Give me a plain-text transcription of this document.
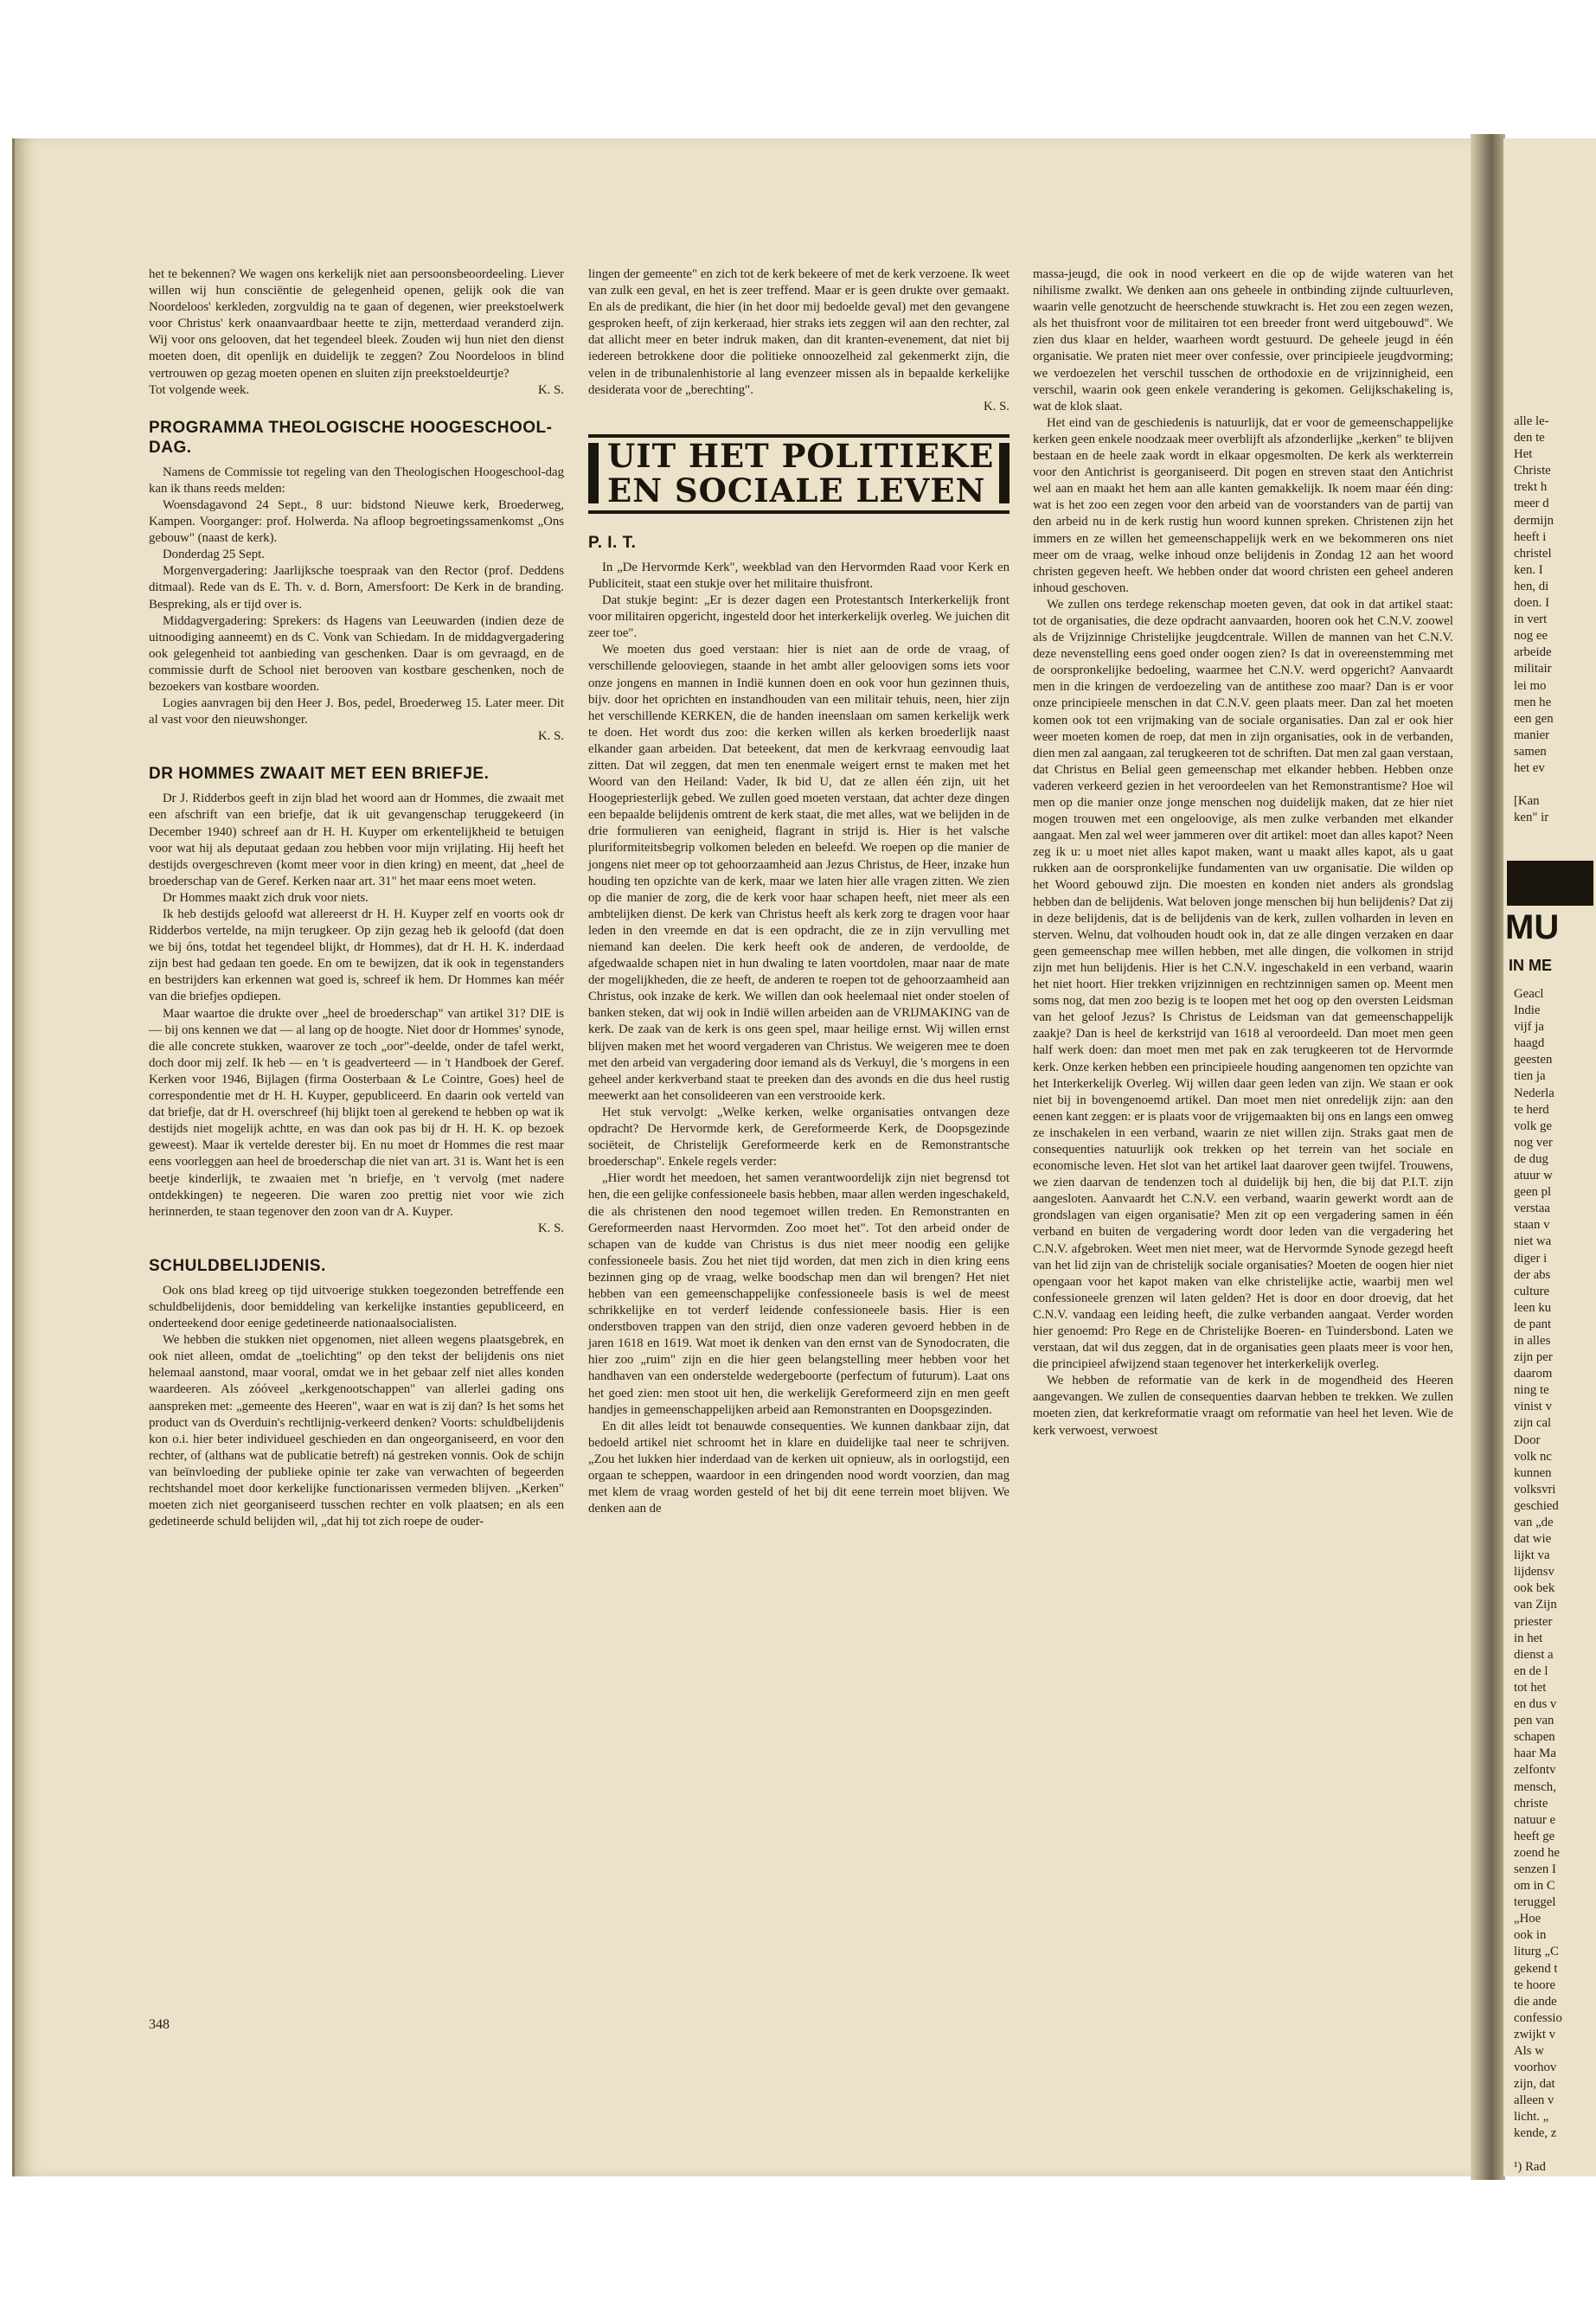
alle le-
den te
Het
Christe
trekt h
meer d
dermijn
heeft i
christel
ken. I
hen, di
doen. I
in vert
nog ee
arbeide
militair
lei mo
men he
een gen
manier
samen
het ev

[Kan
ken" ir
MU
IN ME
Geacl
Indie
vijf ja
haagd
geesten
tien ja
Nederla
te herd
volk ge
nog ver
de dug
atuur w
geen pl
verstaa
staan v
niet wa
diger i
der abs
culture
leen ku
de pant
in alles
zijn per
daarom
ning te
vinist v
zijn cal
Door
volk nc
kunnen
volksvri
geschied
van „de
dat wie
lijkt va
lijdensv
ook bek
van Zijn
priester
in het
dienst a
en de l
tot het
en dus v
pen van
schapen
haar Ma
zelfontv
mensch,
christe
natuur e
heeft ge
zoend he
senzen I
om in C
teruggel
„Hoe
ook in
liturg „C
gekend t
te hoore
die ande
confessio
zwijkt v
Als w
voorhov
zijn, dat
alleen v
licht. „
kende, z

¹) Rad

het te bekennen? We wagen ons kerkelijk niet aan persoonsbeoordeeling. Liever willen wij hun consciëntie de gelegenheid openen, gelijk ook die van Noordeloos' kerkleden, zorgvuldig na te gaan of degenen, wier preekstoelwerk voor Christus' kerk onaanvaardbaar heette te zijn, metterdaad veranderd zijn. Wij voor ons gelooven, dat het tegendeel bleek. Zouden wij hun niet den dienst moeten doen, dit openlijk en duidelijk te zeggen? Zou Noordeloos in blind vertrouwen op gezag moeten openen en sluiten zijn preekstoeldeurtje?

Tot volgende week.	K. S.
PROGRAMMA THEOLOGISCHE HOOGESCHOOL-DAG.

Namens de Commissie tot regeling van den Theologischen Hoogeschool-dag kan ik thans reeds melden:

Woensdagavond 24 Sept., 8 uur: bidstond Nieuwe kerk, Broederweg, Kampen. Voorganger: prof. Holwerda. Na afloop begroetingssamenkomst „Ons gebouw" (naast de kerk).

Donderdag 25 Sept.

Morgenvergadering: Jaarlijksche toespraak van den Rector (prof. Deddens ditmaal). Rede van ds E. Th. v. d. Born, Amersfoort: De Kerk in de branding. Bespreking, als er tijd over is.

Middagvergadering: Sprekers: ds Hagens van Leeuwarden (indien deze de uitnoodiging aanneemt) en ds C. Vonk van Schiedam. In de middagvergadering ook gelegenheid tot aanbieding van geschenken. Daar is om gevraagd, en de commissie durft de School niet berooven van kostbare geschenken, noch de bezoekers van kostbare woorden.

Logies aanvragen bij den Heer J. Bos, pedel, Broederweg 15. Later meer. Dit al vast voor den nieuwshonger.

K. S.
DR HOMMES ZWAAIT MET EEN BRIEFJE.

Dr J. Ridderbos geeft in zijn blad het woord aan dr Hommes, die zwaait met een afschrift van een briefje, dat ik uit gevangenschap teruggekeerd (in December 1940) schreef aan dr H. H. Kuyper om erkentelijkheid te betuigen voor wat hij als deputaat gedaan zou hebben voor mijn vrijlating. Hij heeft het destijds overgeschreven (komt meer voor in dien kring) en meent, dat „heel de broederschap van de Geref. Kerken naar art. 31" het maar eens moet weten.

Dr Hommes maakt zich druk voor niets.

Ik heb destijds geloofd wat allereerst dr H. H. Kuyper zelf en voorts ook dr Ridderbos vertelde, na mijn terugkeer. Op zijn gezag heb ik geloofd (dat doen we bij óns, totdat het tegendeel blijkt, dr Hommes), dat dr H. H. K. inderdaad zijn best had gedaan ten goede. En om te bewijzen, dat ik ook in tegenstanders en bestrijders kan erkennen wat goed is, schreef ik hem. Dr Hommes kan méér van die briefjes opdiepen.

Maar waartoe die drukte over „heel de broederschap" van artikel 31? DIE is — bij ons kennen we dat — al lang op de hoogte. Niet door dr Hommes' synode, die alle concrete stukken, waarover ze toch „oor"-deelde, onder de tafel werkt, doch door mij zelf. Ik heb — en 't is geadverteerd — in 't Handboek der Geref. Kerken voor 1946, Bijlagen (firma Oosterbaan & Le Cointre, Goes) heel de correspondentie met dr H. H. Kuyper, gepubliceerd. En daarin ook verteld van dat briefje, dat dr H. overschreef (hij blijkt toen al gerekend te hebben op wat ik destijds niet mogelijk achtte, en was dan ook pas bij dr H. H. K. op bezoek geweest). Maar ik vertelde derester bij. En nu moet dr Hommes die rest maar eens voorleggen aan heel de broederschap die niet van art. 31 is. Want het is een beetje kinderlijk, te zwaaien met 'n briefje, en 't vervolg (met nadere ontdekkingen) te negeeren. Die waren zoo prettig niet voor wie zich herinnerden, te staan tegenover den zoon van dr A. Kuyper.

K. S.
SCHULDBELIJDENIS.

Ook ons blad kreeg op tijd uitvoerige stukken toegezonden betreffende een schuldbelijdenis, door bemiddeling van kerkelijke instanties gepubliceerd, en onderteekend door eenige gedetineerde nationaalsocialisten.

We hebben die stukken niet opgenomen, niet alleen wegens plaatsgebrek, en ook niet alleen, omdat de „toelichting" op den tekst der belijdenis ons niet helemaal aanstond, maar vooral, omdat we in het gebaar zelf niet alles konden waardeeren. Als zóóveel „kerkgenootschappen" van allerlei gading ons aanspreken met: „gemeente des Heeren", waar en wat is zij dan? Is het soms het product van ds Overduin's rechtlijnig-verkeerd denken? Voorts: schuldbelijdenis kon o.i. hier beter individueel geschieden en dan ongeorganiseerd, en voor den rechter, of (althans wat de publicatie betreft) ná gestreken vonnis. Ook de schijn van beïnvloeding der publieke opinie ter zake van verwachten of begeerden rechtshandel moet door kerkelijke functionarissen vermeden blijven. „Kerken" moeten zich niet georganiseerd tusschen rechter en volk plaatsen; en als een gedetineerde schuld belijden wil, „dat hij tot zich roepe de ouder-

lingen der gemeente" en zich tot de kerk bekeere of met de kerk verzoene. Ik weet van zulk een geval, en het is zeer treffend. Maar er is geen drukte over gemaakt. En als de predikant, die hier (in het door mij bedoelde geval) met den gevangene gesproken heeft, of zijn kerkeraad, hier straks iets zeggen wil aan den rechter, zal dat allicht meer en beter indruk maken, dan dit kranten-evenement, dat niet bij iedereen betrokkene door die politieke onnoozelheid zal gekenmerkt zijn, die velen in de tribunalenhistorie al lang evenzeer missen als in bepaalde kerkelijke desiderata voor de „berechting".

K. S.
UIT HET POLITIEKE
EN SOCIALE LEVEN
P. I. T.

In „De Hervormde Kerk", weekblad van den Hervormden Raad voor Kerk en Publiciteit, staat een stukje over het militaire thuisfront.

Dat stukje begint: „Er is dezer dagen een Protestantsch Interkerkelijk front voor militairen opgericht, ingesteld door het interkerkelijk overleg. We juichen dit zeer toe".

We moeten dus goed verstaan: hier is niet aan de orde de vraag, of verschillende gelooviegen, staande in het ambt aller geloovigen soms iets voor onze jongens en mannen in Indië kunnen doen en ook voor hun gezinnen thuis, bijv. door het oprichten en instandhouden van een militair tehuis, neen, hier zijn het verschillende KERKEN, die de handen ineenslaan om samen kerkelijk werk te doen. Het wordt dus zoo: die kerken willen als kerken broederlijk naast elkander gaan arbeiden. Dat beteekent, dat men de kerkvraag eenvoudig laat zitten. Dat wil zeggen, dat men ten enenmale weigert ernst te maken met het Woord van den Heiland: Vader, Ik bid U, dat ze allen één zijn, uit het Hoogepriesterlijk gebed. We zullen goed moeten verstaan, dat achter deze dingen een bepaalde belijdenis omtrent de kerk staat, die met alles, wat we belijden in de drie formulieren van eenigheid, flagrant in strijd is. Hier is het valsche pluriformiteitsbegrip volkomen beleden en beleefd. We roepen op die manier de jongens niet meer op tot gehoorzaamheid aan Jezus Christus, de Heer, inzake hun houding ten opzichte van de kerk, maar we laten hier alle vragen zitten. We zien op die manier de zorg, die de kerk voor haar schapen heeft, niet meer als een ambtelijken dienst. De kerk van Christus heeft als kerk zorg te dragen voor haar leden in den vreemde en dat is een opdracht, die ze in zijn vervulling met niemand kan deelen. Die kerk heeft ook de anderen, de verdoolde, de afgedwaalde schapen niet in hun dwaling te laten voortdolen, maar naar de mate der mogelijkheden, die ze heeft, de anderen te roepen tot de gehoorzaamheid aan Christus, ook inzake de kerk. We willen dan ook heelemaal niet onder stoelen of banken steken, dat wij ook in Indië willen arbeiden aan de VRIJMAKING van de kerk. De zaak van de kerk is ons geen spel, maar heilige ernst. Wij willen ernst blijven maken met het woord vergaderen van Christus. We weigeren mee te doen met den arbeid van vergadering door iemand als ds Verkuyl, die 's morgens in een geheel ander kerkverband staat te preeken dan des avonds en die dus heel rustig meewerkt aan het consolideeren van een verstrooide kerk.

Het stuk vervolgt: „Welke kerken, welke organisaties ontvangen deze opdracht? De Hervormde kerk, de Gereformeerde Kerk, de Doopsgezinde sociëteit, de Christelijk Gereformeerde kerk en de Remonstrantsche broederschap". Enkele regels verder:

„Hier wordt het meedoen, het samen verantwoordelijk zijn niet begrensd tot hen, die een gelijke confessioneele basis hebben, maar allen werden ingeschakeld, die als christenen den nood tegemoet willen treden. En Remonstranten en Gereformeerden naast Hervormden. Zoo moet het". Tot den arbeid onder de schapen van de kudde van Christus is dus niet meer noodig een gelijke confessioneele basis. Zou het niet tijd worden, dat men zich in dien kring eens bezinnen ging op de vraag, welke boodschap men dan wil brengen? Het niet hebben van een gemeenschappelijke confessioneele basis is wel de meest schrikkelijke en tot verderf leidende confessioneele basis. Hier is een onderstboven trappen van den strijd, dien onze vaderen gevoerd hebben in de jaren 1618 en 1619. Wat moet ik denken van den ernst van de Synodocraten, die hier zoo „ruim" zijn en die hier geen belangstelling meer hebben voor het handhaven van een onderstelde wedergeboorte (perfectum of futurum). Laat ons het goed zien: men stoot uit hen, die werkelijk Gereformeerd zijn en men geeft handjes in gemeenschappelijken arbeid aan Remonstranten en Doopsgezinden.

En dit alles leidt tot benauwde consequenties. We kunnen dankbaar zijn, dat bedoeld artikel niet schroomt het in klare en duidelijke taal neer te schrijven. „Zou het lukken hier inderdaad van de kerken uit opnieuw, als in oorlogstijd, een orgaan te scheppen, waardoor in een dringenden nood wordt voorzien, dan mag met klem de vraag worden gesteld of het bij dit eene terrein moet blijven. We denken aan de

massa-jeugd, die ook in nood verkeert en die op de wijde wateren van het nihilisme zwalkt. We denken aan ons geheele in ontbinding zijnde cultuurleven, waarin velle genotzucht de heerschende stuwkracht is. Het zou een zegen wezen, als het thuisfront voor de militairen tot een breeder front werd uitgebouwd". We zien dus klaar en helder, waarheen wordt gestuurd. De geheele jeugd in één organisatie. We praten niet meer over confessie, over principieele jeugdvorming; we verdoezelen het verschil tusschen de orthodoxie en de vrijzinnigheid, een verschil, waarin ook geen enkele verandering is gekomen. Gelijkschakeling is, wat de klok slaat.

Het eind van de geschiedenis is natuurlijk, dat er voor de gemeenschappelijke kerken geen enkele noodzaak meer overblijft als afzonderlijke „kerken" te blijven bestaan en de heele zaak wordt in elkaar opgesmolten. De kerk als werkterrein voor den Antichrist is georganiseerd. Dit pogen en streven staat den Antichrist wel aan en maakt het hem aan alle kanten gemakkelijk. Ik noem maar één ding: wat is het zoo een zegen voor den arbeid van de voorstanders van de partij van den arbeid nu in de kerk rustig hun woord kunnen spreken. Christenen zijn het immers en ze willen het gemeenschappelijk werk en we bekommeren ons niet meer om de vraag, welke inhoud onze belijdenis in Zondag 12 aan het woord christen gegeven heeft. We hebben onder dat woord christen een geheel anderen inhoud geschoven.

We zullen ons terdege rekenschap moeten geven, dat ook in dat artikel staat: tot de organisaties, die deze opdracht aanvaarden, hooren ook het C.N.V. zoowel als de Vrijzinnige Christelijke jeugdcentrale. Willen de mannen van het C.N.V. deze nevenstelling eens goed onder oogen zien? Is dat in overeenstemming met de oorspronkelijke bedoeling, waarmee het C.N.V. werd opgericht? Aanvaardt men in die kringen de verdoezeling van de antithese zoo maar? Dan is er voor onze principieele menschen in dat C.N.V. geen plaats meer. Dan zal het moeten komen ook tot een vrijmaking van de sociale organisaties. Dan zal er ook hier weer moeten komen de roep, dat men in zijn organisaties, ook in de verbanden, dien men zal aangaan, zal terugkeeren tot de schriften. Dat men zal gaan verstaan, dat Christus en Belial geen gemeenschap met elkander hebben. Hebben onze vaderen verkeerd gezien in het veroordeelen van het Remonstrantisme? Hoe wil men op die manier onze jonge menschen nog duidelijk maken, dat ze hier niet mogen trouwen met een ongeloovige, als men zulke verbanden met elkander aangaat. Men zal wel weer jammeren over dit artikel: moet dan alles kapot? Neen zeg ik u: u moet niet alles kapot maken, want u maakt alles kapot, als u gaat rukken aan de oorspronkelijke fundamenten van uw organisatie. Die wilden op het Woord gebouwd zijn. Die moesten en konden niet anders als grondslag hebben dan de belijdenis. Wat beloven jonge menschen bij hun belijdenis? Dat zij in deze belijdenis, dat is de belijdenis van de kerk, zullen volharden in leven en sterven. Welnu, dat volhouden houdt ook in, dat ze alle dingen verzaken en daar geen gemeenschap mee willen hebben, met alle dingen, die volkomen in strijd zijn met hun belijdenis. Hier is het C.N.V. ingeschakeld in een verband, waarin het niet hoort. Hier trekken vrijzinnigen en rechtzinnigen samen op. Meent men soms nog, dat men zoo bezig is te loopen met het oog op den oversten Leidsman van het geloof Jezus? Is Christus de Leidsman van dat gemeenschappelijk zaakje? Dan is heel de kerkstrijd van 1618 al veroordeeld. Dan moet men geen half werk doen: dan moet men met pak en zak terugkeeren tot de Hervormde kerk. Onze kerken hebben een principieele houding aangenomen ten opzichte van het Interkerkelijk Overleg. Wij willen daar geen leden van zijn. We staan er ook niet bij in bovengenoemd artikel. Dan moet men niet onredelijk zijn: aan den eenen kant zeggen: er is plaats voor de vrijgemaakten bij ons en langs een omweg ze inschakelen in een verband, waarin ze niet willen zijn. Straks gaat men de consequenties natuurlijk ook trekken op het terrein van het sociale en economische leven. Het slot van het artikel laat daarover geen twijfel. Trouwens, we zien daarvan de tendenzen toch al duidelijk bij hen, die bij dat P.I.T. zijn aangesloten. Aanvaardt het C.N.V. een verband, waarin gewerkt wordt aan de grondslagen van eigen organisatie? Men zit op een vergadering samen in één verband en buiten de vergadering wordt door leden van die vergadering het C.N.V. afgebroken. Weet men niet meer, wat de Hervormde Synode gezegd heeft van het lid zijn van de christelijk sociale organisaties? Moeten de oogen hier niet opengaan voor het kapot maken van elke christelijke actie, waarbij men wel confessioneele grenzen wil laten gelden? Het is door en door droevig, dat het C.N.V. vandaag een leiding heeft, die zulke verbanden aangaat. Verder worden hier genoemd: Pro Rege en de Christelijke Boeren- en Tuindersbond. Laten we verstaan, dat wil dus zeggen, dat in de organisaties geen plaats meer is voor hen, die principieel afwijzend staan tegenover het interkerkelijk overleg.

We hebben de reformatie van de kerk in de mogendheid des Heeren aangevangen. We zullen de consequenties daarvan hebben te trekken. We zullen moeten zien, dat kerkreformatie vraagt om reformatie van heel het leven. Wie de kerk verwoest, verwoest

348
